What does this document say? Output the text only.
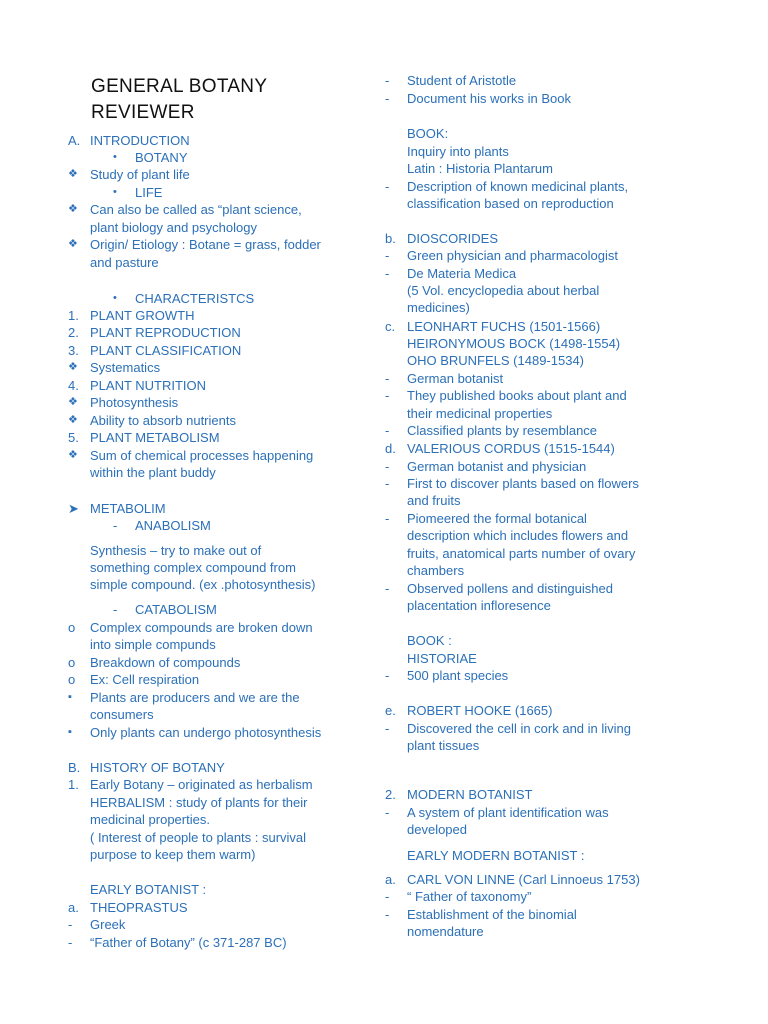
GENERAL BOTANY
REVIEWER
A. INTRODUCTION
• BOTANY
❖ Study of plant life
• LIFE
❖ Can also be called as “plant science,
plant biology and psychology
❖ Origin/ Etiology : Botane = grass, fodder
and pasture
• CHARACTERISTCS
1. PLANT GROWTH
2. PLANT REPRODUCTION
3. PLANT CLASSIFICATION
❖ Systematics
4. PLANT NUTRITION
❖ Photosynthesis
❖ Ability to absorb nutrients
5. PLANT METABOLISM
❖ Sum of chemical processes happening
within the plant buddy
➤ METABOLIM
- ANABOLISM
Synthesis – try to make out of
something complex compound from
simple compound. (ex .photosynthesis)
- CATABOLISM
o Complex compounds are broken down
into simple compunds
o Breakdown of compounds
o Ex: Cell respiration
▪ Plants are producers and we are the
consumers
▪ Only plants can undergo photosynthesis
B. HISTORY OF BOTANY
1. Early Botany – originated as herbalism
HERBALISM : study of plants for their
medicinal properties.
( Interest of people to plants : survival
purpose to keep them warm)
EARLY BOTANIST :
a. THEOPRASTUS
- Greek
- “Father of Botany” (c 371-287 BC)
- Student of Aristotle
- Document his works in Book
BOOK:
Inquiry into plants
Latin : Historia Plantarum
- Description of known medicinal plants,
classification based on reproduction
b. DIOSCORIDES
- Green physician and pharmacologist
- De Materia Medica
(5 Vol. encyclopedia about herbal
medicines)
c. LEONHART FUCHS (1501-1566)
HEIRONYMOUS BOCK (1498-1554)
OHO BRUNFELS (1489-1534)
- German botanist
- They published books about plant and
their medicinal properties
- Classified plants by resemblance
d. VALERIOUS CORDUS (1515-1544)
- German botanist and physician
- First to discover plants based on flowers
and fruits
- Piomeered the formal botanical
description which includes flowers and
fruits, anatomical parts number of ovary
chambers
- Observed pollens and distinguished
placentation infloresence
BOOK :
HISTORIAE
- 500 plant species
e. ROBERT HOOKE (1665)
- Discovered the cell in cork and in living
plant tissues
2. MODERN BOTANIST
- A system of plant identification was
developed
EARLY MODERN BOTANIST :
a. CARL VON LINNE (Carl Linnoeus 1753)
- “ Father of taxonomy”
- Establishment of the binomial
nomendature
